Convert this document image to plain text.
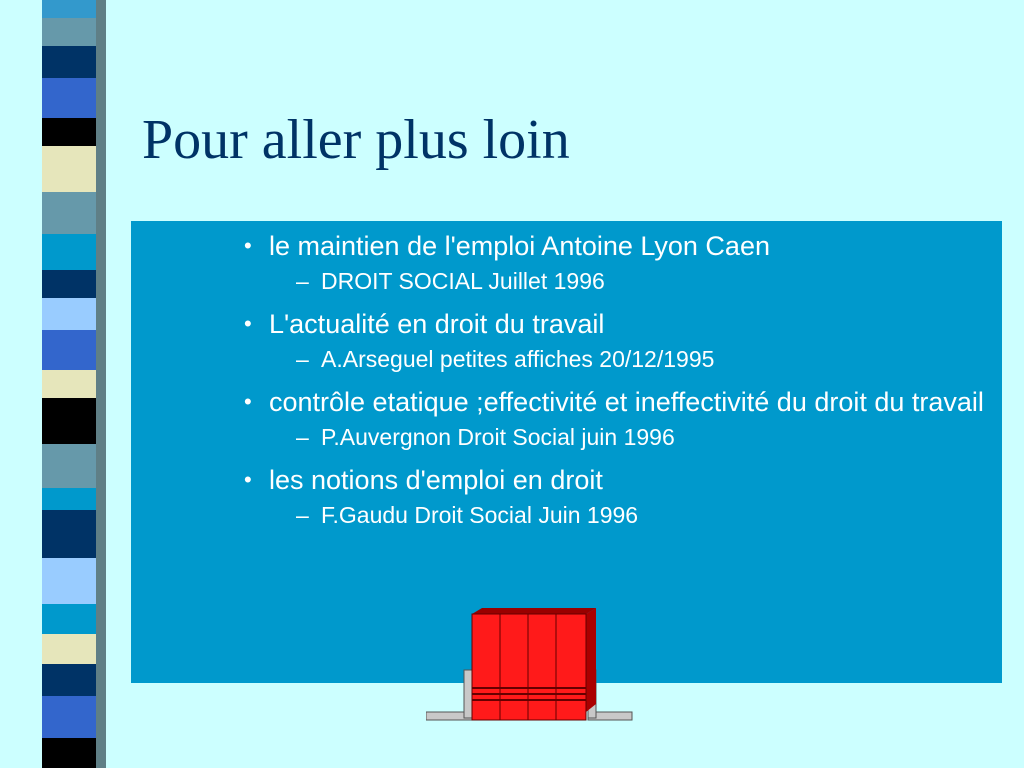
Pour aller plus loin
• le maintien de l'emploi Antoine Lyon Caen
– DROIT SOCIAL Juillet 1996
• L'actualité en droit du travail
– A.Arseguel petites affiches 20/12/1995
• contrôle etatique ;effectivité et ineffectivité du droit du travail
– P.Auvergnon Droit Social juin 1996
• les notions d'emploi en droit
– F.Gaudu Droit Social Juin 1996
